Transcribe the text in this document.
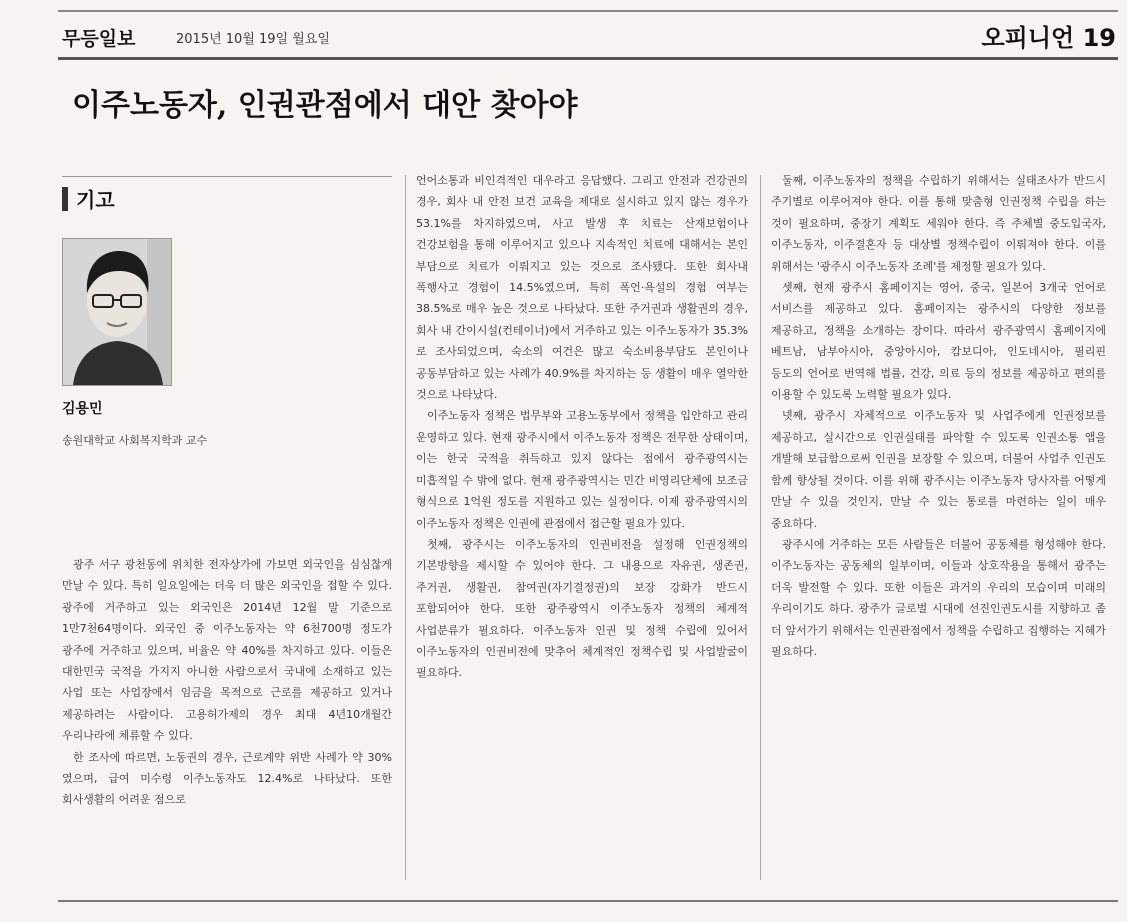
무등일보	2015년 10월 19일 월요일	오피니언 19
이주노동자, 인권관점에서 대안 찾아야
기고
김용민
송원대학교 사회복지학과 교수

광주 서구 광천동에 위치한 전자상가에 가보면 외국인을 심심찮게 만날 수 있다. 특히 일요일에는 더욱 더 많은 외국인을 접할 수 있다. 광주에 거주하고 있는 외국인은 2014년 12월 말 기준으로 1만7천64명이다. 외국인 중 이주노동자는 약 6천700명 정도가 광주에 거주하고 있으며, 비율은 약 40%를 차지하고 있다. 이들은 대한민국 국적을 가지지 아니한 사람으로서 국내에 소재하고 있는 사업 또는 사업장에서 임금을 목적으로 근로를 제공하고 있거나 제공하려는 사람이다. 고용허가제의 경우 최대 4년10개월간 우리나라에 체류할 수 있다.

한 조사에 따르면, 노동권의 경우, 근로계약 위반 사례가 약 30%였으며, 급여 미수령 이주노동자도 12.4%로 나타났다. 또한 회사생활의 어려운 점으로

언어소통과 비인격적인 대우라고 응답했다. 그리고 안전과 건강권의 경우, 회사 내 안전 보건 교육을 제대로 실시하고 있지 않는 경우가 53.1%를 차지하였으며, 사고 발생 후 치료는 산재보험이나 건강보험을 통해 이루어지고 있으나 지속적인 치료에 대해서는 본인 부담으로 치료가 이뤄지고 있는 것으로 조사됐다. 또한 회사내 폭행사고 경험이 14.5%였으며, 특히 폭언·욕설의 경험 여부는 38.5%로 매우 높은 것으로 나타났다. 또한 주거권과 생활권의 경우, 회사 내 간이시설(컨테이너)에서 거주하고 있는 이주노동자가 35.3%로 조사되었으며, 숙소의 여건은 많고 숙소비용부담도 본인이나 공동부담하고 있는 사례가 40.9%를 차지하는 등 생활이 매우 열악한 것으로 나타났다.

이주노동자 정책은 법무부와 고용노동부에서 정책을 입안하고 관리 운영하고 있다. 현재 광주시에서 이주노동자 정책은 전무한 상태이며, 이는 한국 국적을 취득하고 있지 않다는 점에서 광주광역시는 미흡적일 수 밖에 없다. 현재 광주광역시는 민간 비영리단체에 보조금 형식으로 1억원 정도를 지원하고 있는 실정이다. 이제 광주광역시의 이주노동자 정책은 인권에 관점에서 접근할 필요가 있다.

첫째, 광주시는 이주노동자의 인권비전을 설정해 인권정책의 기본방향을 제시할 수 있어야 한다. 그 내용으로 자유권, 생존권, 주거권, 생활권, 참여권(자기결정권)의 보장 강화가 반드시 포함되어야 한다. 또한 광주광역시 이주노동자 정책의 체계적 사업분류가 필요하다. 이주노동자 인권 및 정책 수립에 있어서 이주노동자의 인권비전에 맞추어 체계적인 정책수립 및 사업발굴이 필요하다.

둘째, 이주노동자의 정책을 수립하기 위해서는 실태조사가 반드시 주기별로 이루어져야 한다. 이를 통해 맞춤형 인권정책 수립을 하는 것이 필요하며, 중장기 계획도 세워야 한다. 즉 주체별 중도입국자, 이주노동자, 이주결혼자 등 대상별 정책수립이 이뤄져야 한다. 이를 위해서는 '광주시 이주노동자 조례'를 제정할 필요가 있다.

셋째, 현재 광주시 홈페이지는 영어, 중국, 일본어 3개국 언어로 서비스를 제공하고 있다. 홈페이지는 광주시의 다양한 정보를 제공하고, 정책을 소개하는 장이다. 따라서 광주광역시 홈페이지에 베트남, 남부아시아, 중앙아시아, 캄보디아, 인도네시아, 필리핀 등도의 언어로 번역해 법률, 건강, 의료 등의 정보를 제공하고 편의를 이용할 수 있도록 노력할 필요가 있다.

넷째, 광주시 자체적으로 이주노동자 및 사업주에게 인권정보를 제공하고, 실시간으로 인권실태를 파악할 수 있도록 인권소통 앱을 개발해 보급함으로써 인권을 보장할 수 있으며, 더불어 사업주 인권도 함께 향상될 것이다. 이를 위해 광주시는 이주노동자 당사자를 어떻게 만날 수 있을 것인지, 만날 수 있는 통로를 마련하는 일이 매우 중요하다.

광주시에 거주하는 모든 사람들은 더불어 공동체를 형성해야 한다. 이주노동자는 공동체의 일부이며, 이들과 상호작용을 통해서 광주는 더욱 발전할 수 있다. 또한 이들은 과거의 우리의 모습이며 미래의 우리이기도 하다. 광주가 글로벌 시대에 선진인권도시를 지향하고 좀 더 앞서가기 위해서는 인권관점에서 정책을 수립하고 집행하는 지혜가 필요하다.
